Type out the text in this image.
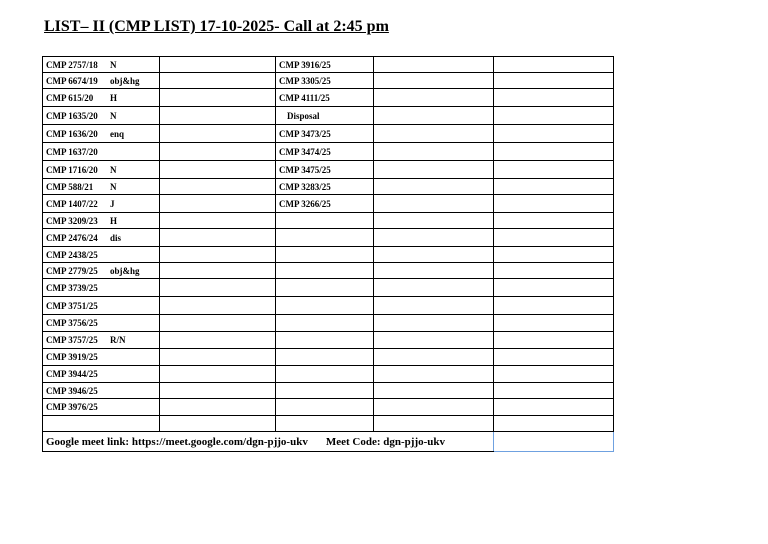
LIST– II (CMP LIST) 17-10-2025- Call at 2:45 pm
CMP 2757/18 N		CMP 3916/25		
CMP 6674/19 obj&hg		CMP 3305/25		
CMP 615/20 H		CMP 4111/25		
CMP 1635/20 N		Disposal		
CMP 1636/20 enq		CMP 3473/25		
CMP 1637/20		CMP 3474/25		
CMP 1716/20 N		CMP 3475/25		
CMP 588/21 N		CMP 3283/25		
CMP 1407/22 J		CMP 3266/25		
CMP 3209/23 H				
CMP 2476/24 dis				
CMP 2438/25				
CMP 2779/25 obj&hg				
CMP 3739/25				
CMP 3751/25				
CMP 3756/25				
CMP 3757/25 R/N				
CMP 3919/25				
CMP 3944/25				
CMP 3946/25				
CMP 3976/25				

Google meet link: https://meet.google.com/dgn-pjjo-ukv Meet Code: dgn-pjjo-ukv				
